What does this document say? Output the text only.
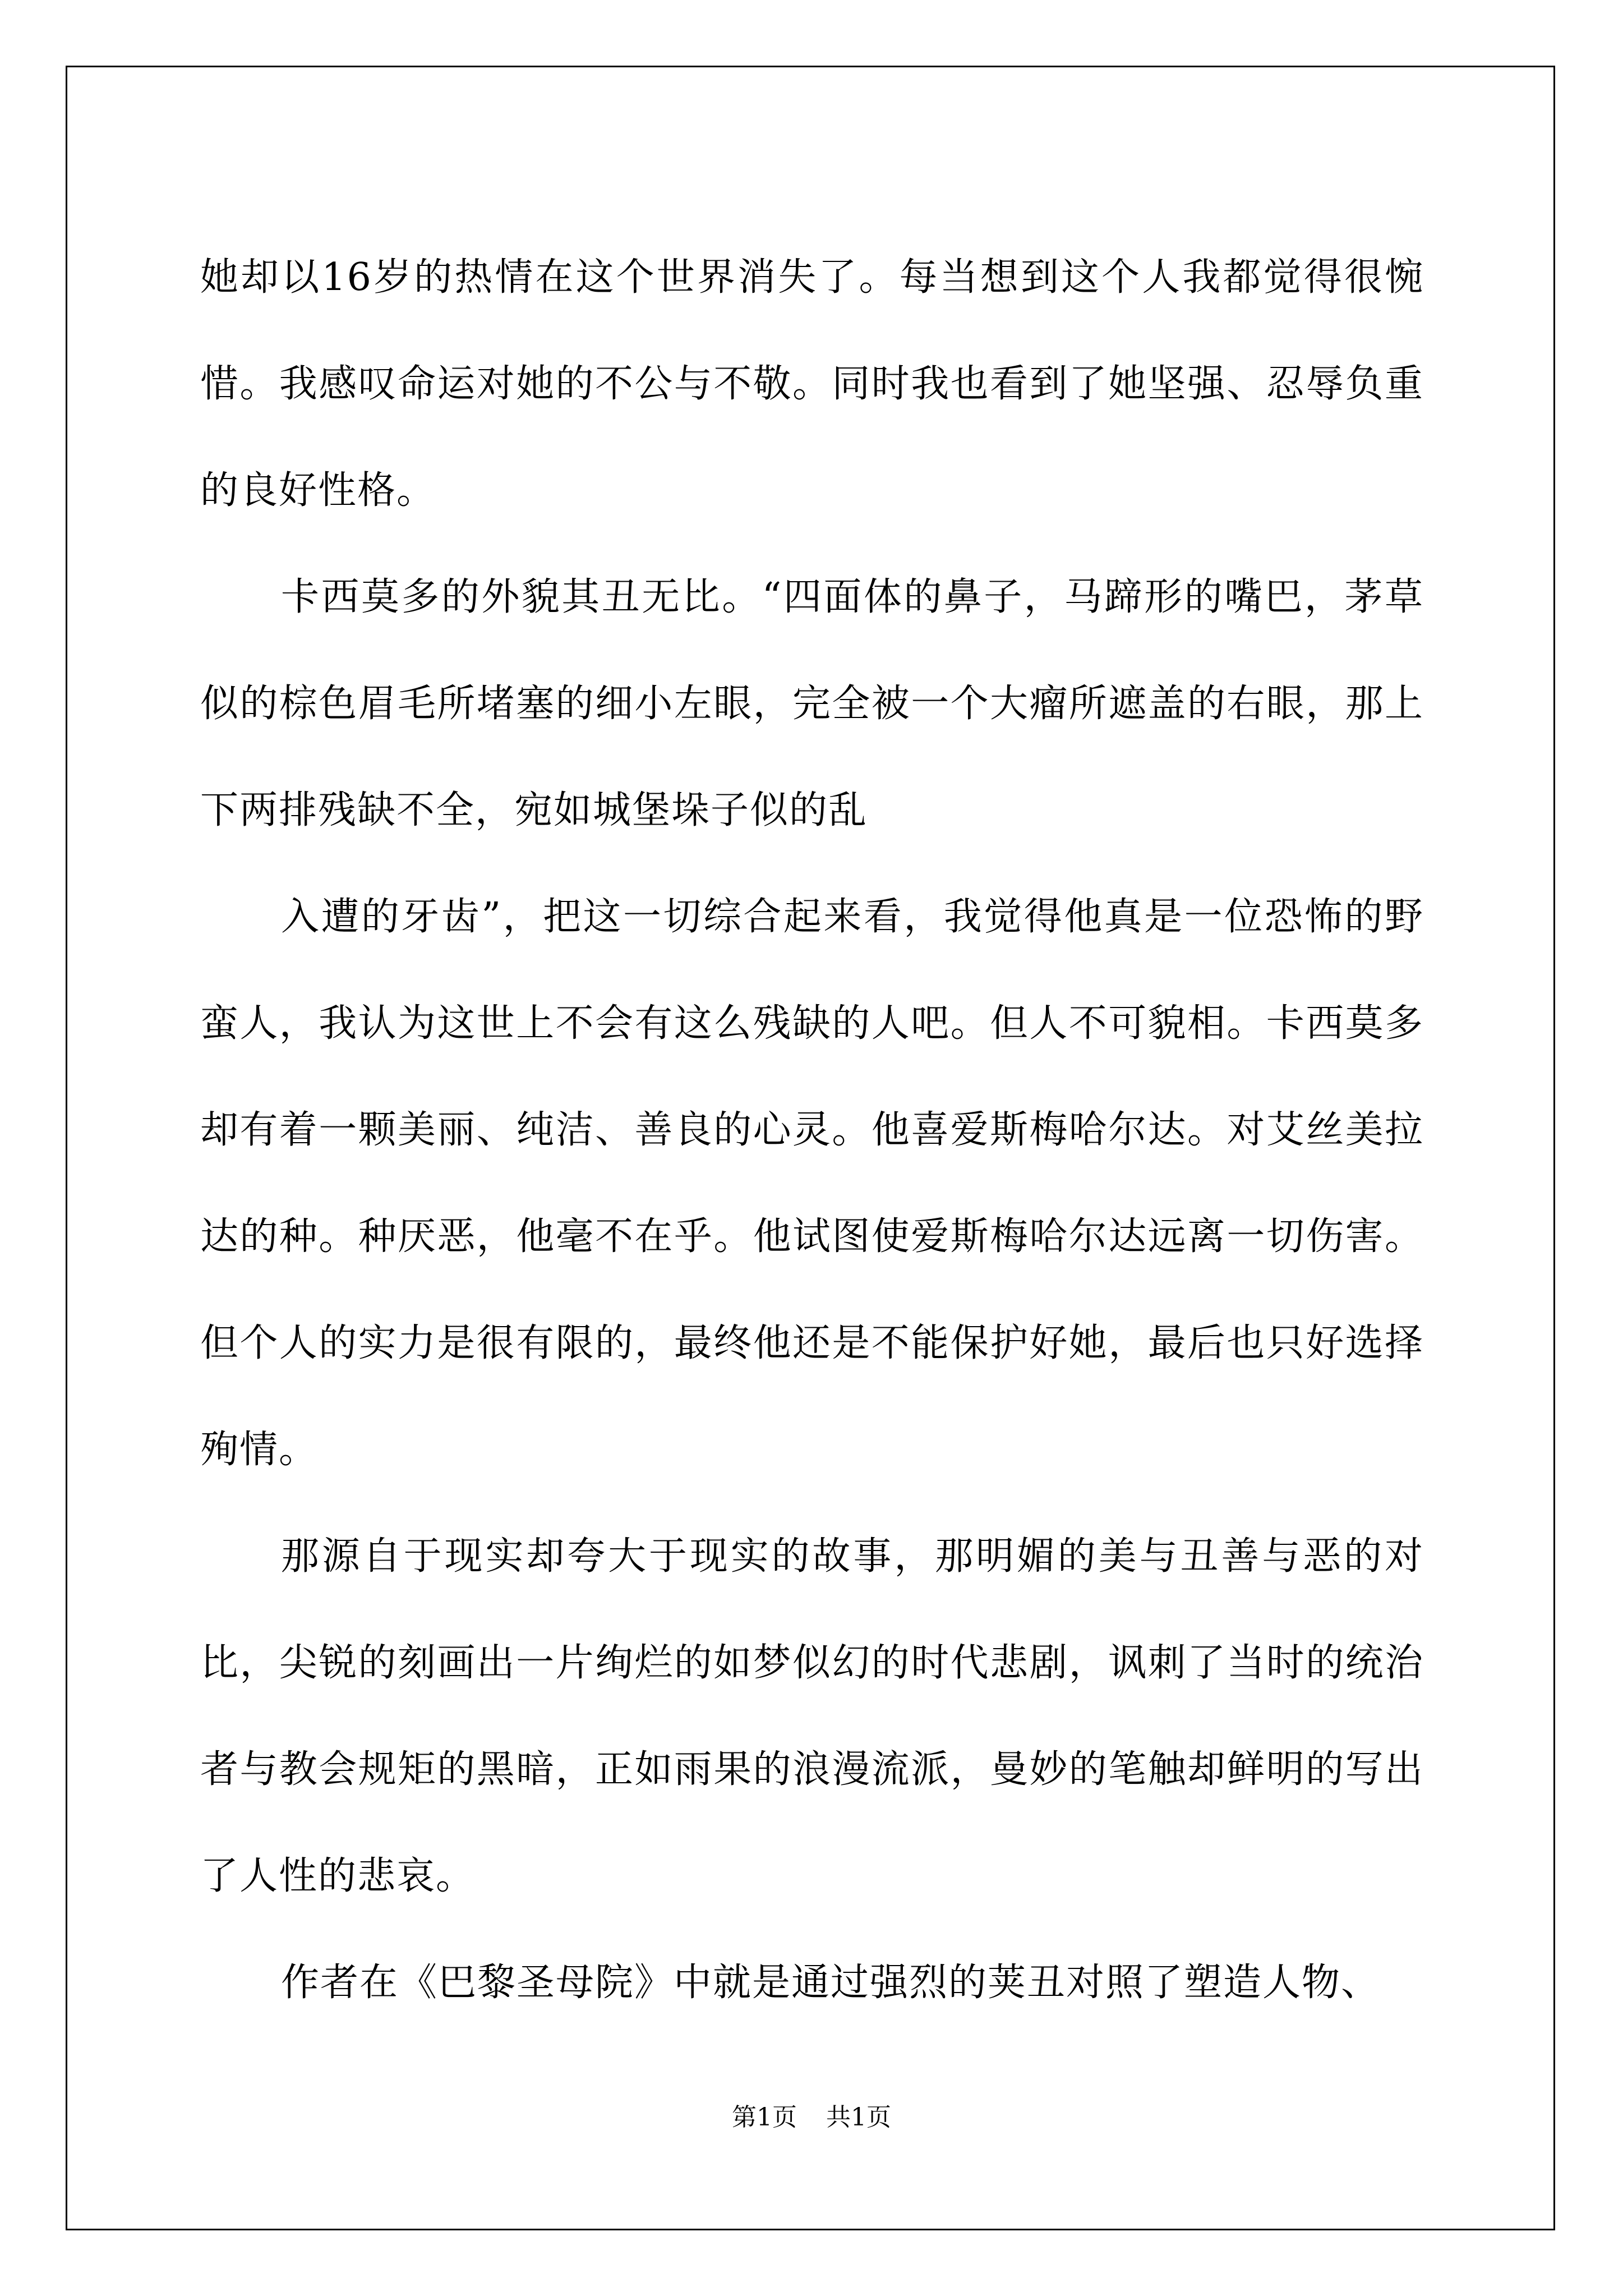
她却以16岁的热情在这个世界消失了。每当想到这个人我都觉得很惋惜。我感叹命运对她的不公与不敬。同时我也看到了她坚强、忍辱负重的良好性格。

卡西莫多的外貌其丑无比。“四面体的鼻子，马蹄形的嘴巴，茅草似的棕色眉毛所堵塞的细小左眼，完全被一个大瘤所遮盖的右眼，那上下两排残缺不全，宛如城堡垛子似的乱

入遭的牙齿”，把这一切综合起来看，我觉得他真是一位恐怖的野蛮人，我认为这世上不会有这么残缺的人吧。但人不可貌相。卡西莫多却有着一颗美丽、纯洁、善良的心灵。他喜爱斯梅哈尔达。对艾丝美拉达的种。种厌恶，他毫不在乎。他试图使爱斯梅哈尔达远离一切伤害。但个人的实力是很有限的，最终他还是不能保护好她，最后也只好选择殉情。

那源自于现实却夸大于现实的故事，那明媚的美与丑善与恶的对比，尖锐的刻画出一片绚烂的如梦似幻的时代悲剧，讽刺了当时的统治者与教会规矩的黑暗，正如雨果的浪漫流派，曼妙的笔触却鲜明的写出了人性的悲哀。

作者在《巴黎圣母院》中就是通过强烈的荚丑对照了塑造人物、

第1页 共1页
